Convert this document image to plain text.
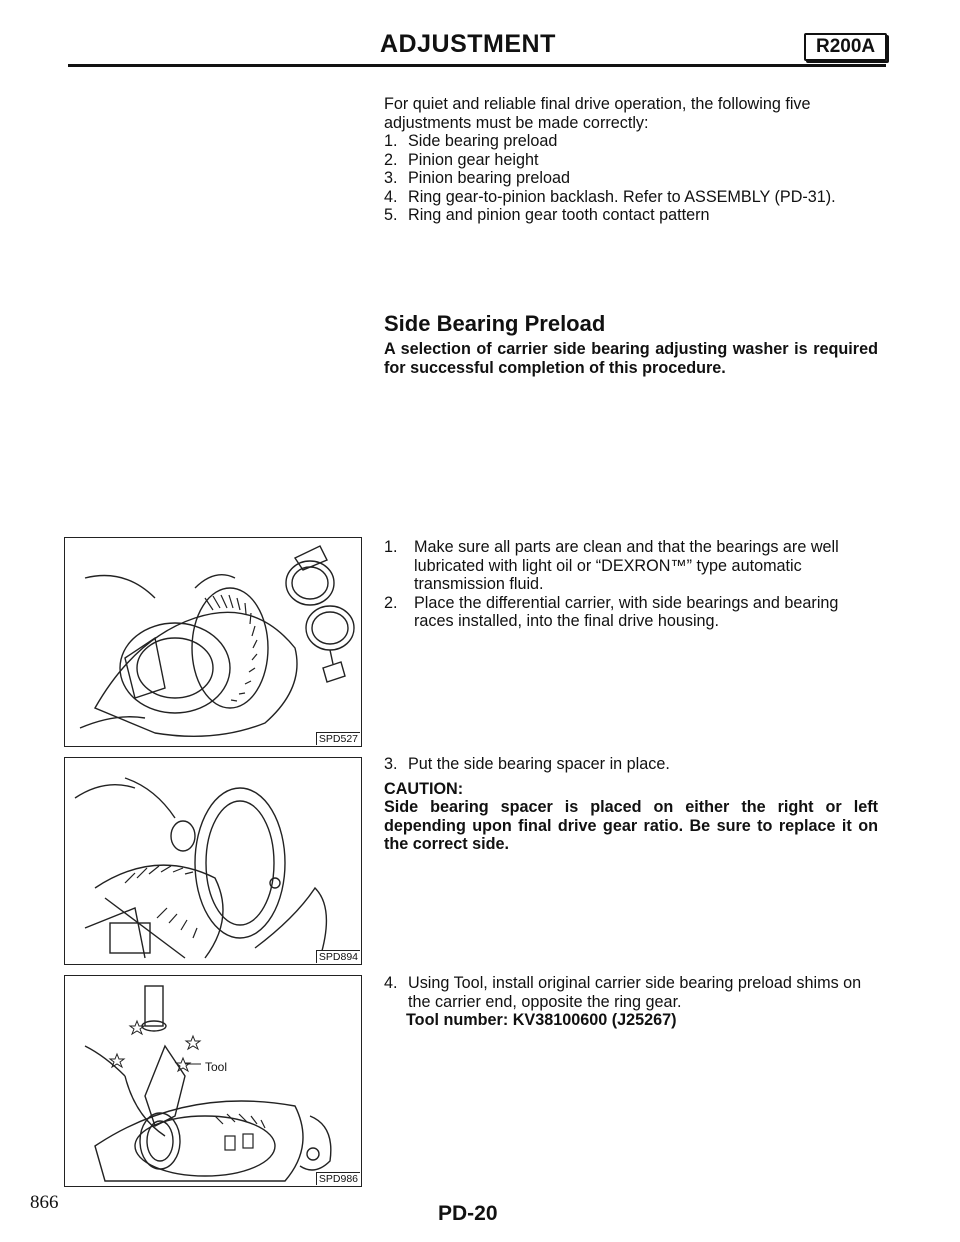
ADJUSTMENT	R200A
For quiet and reliable final drive operation, the following five adjustments must be made correctly:
1. Side bearing preload
2. Pinion gear height
3. Pinion bearing preload
4. Ring gear-to-pinion backlash. Refer to ASSEMBLY (PD-31).
5. Ring and pinion gear tooth contact pattern
Side Bearing Preload
A selection of carrier side bearing adjusting washer is required for successful completion of this procedure.
1.	Make sure all parts are clean and that the bearings are well lubricated with light oil or “DEXRON™” type automatic transmission fluid.
2.	Place the differential carrier, with side bearings and bearing races installed, into the final drive housing.
3. Put the side bearing spacer in place.
CAUTION:
Side bearing spacer is placed on either the right or left depending upon final drive gear ratio. Be sure to replace it on the correct side.
4. Using Tool, install original carrier side bearing preload shims on the carrier end, opposite the ring gear.
Tool number: KV38100600 (J25267)
SPD527
SPD894
Tool
SPD986
866	PD-20
